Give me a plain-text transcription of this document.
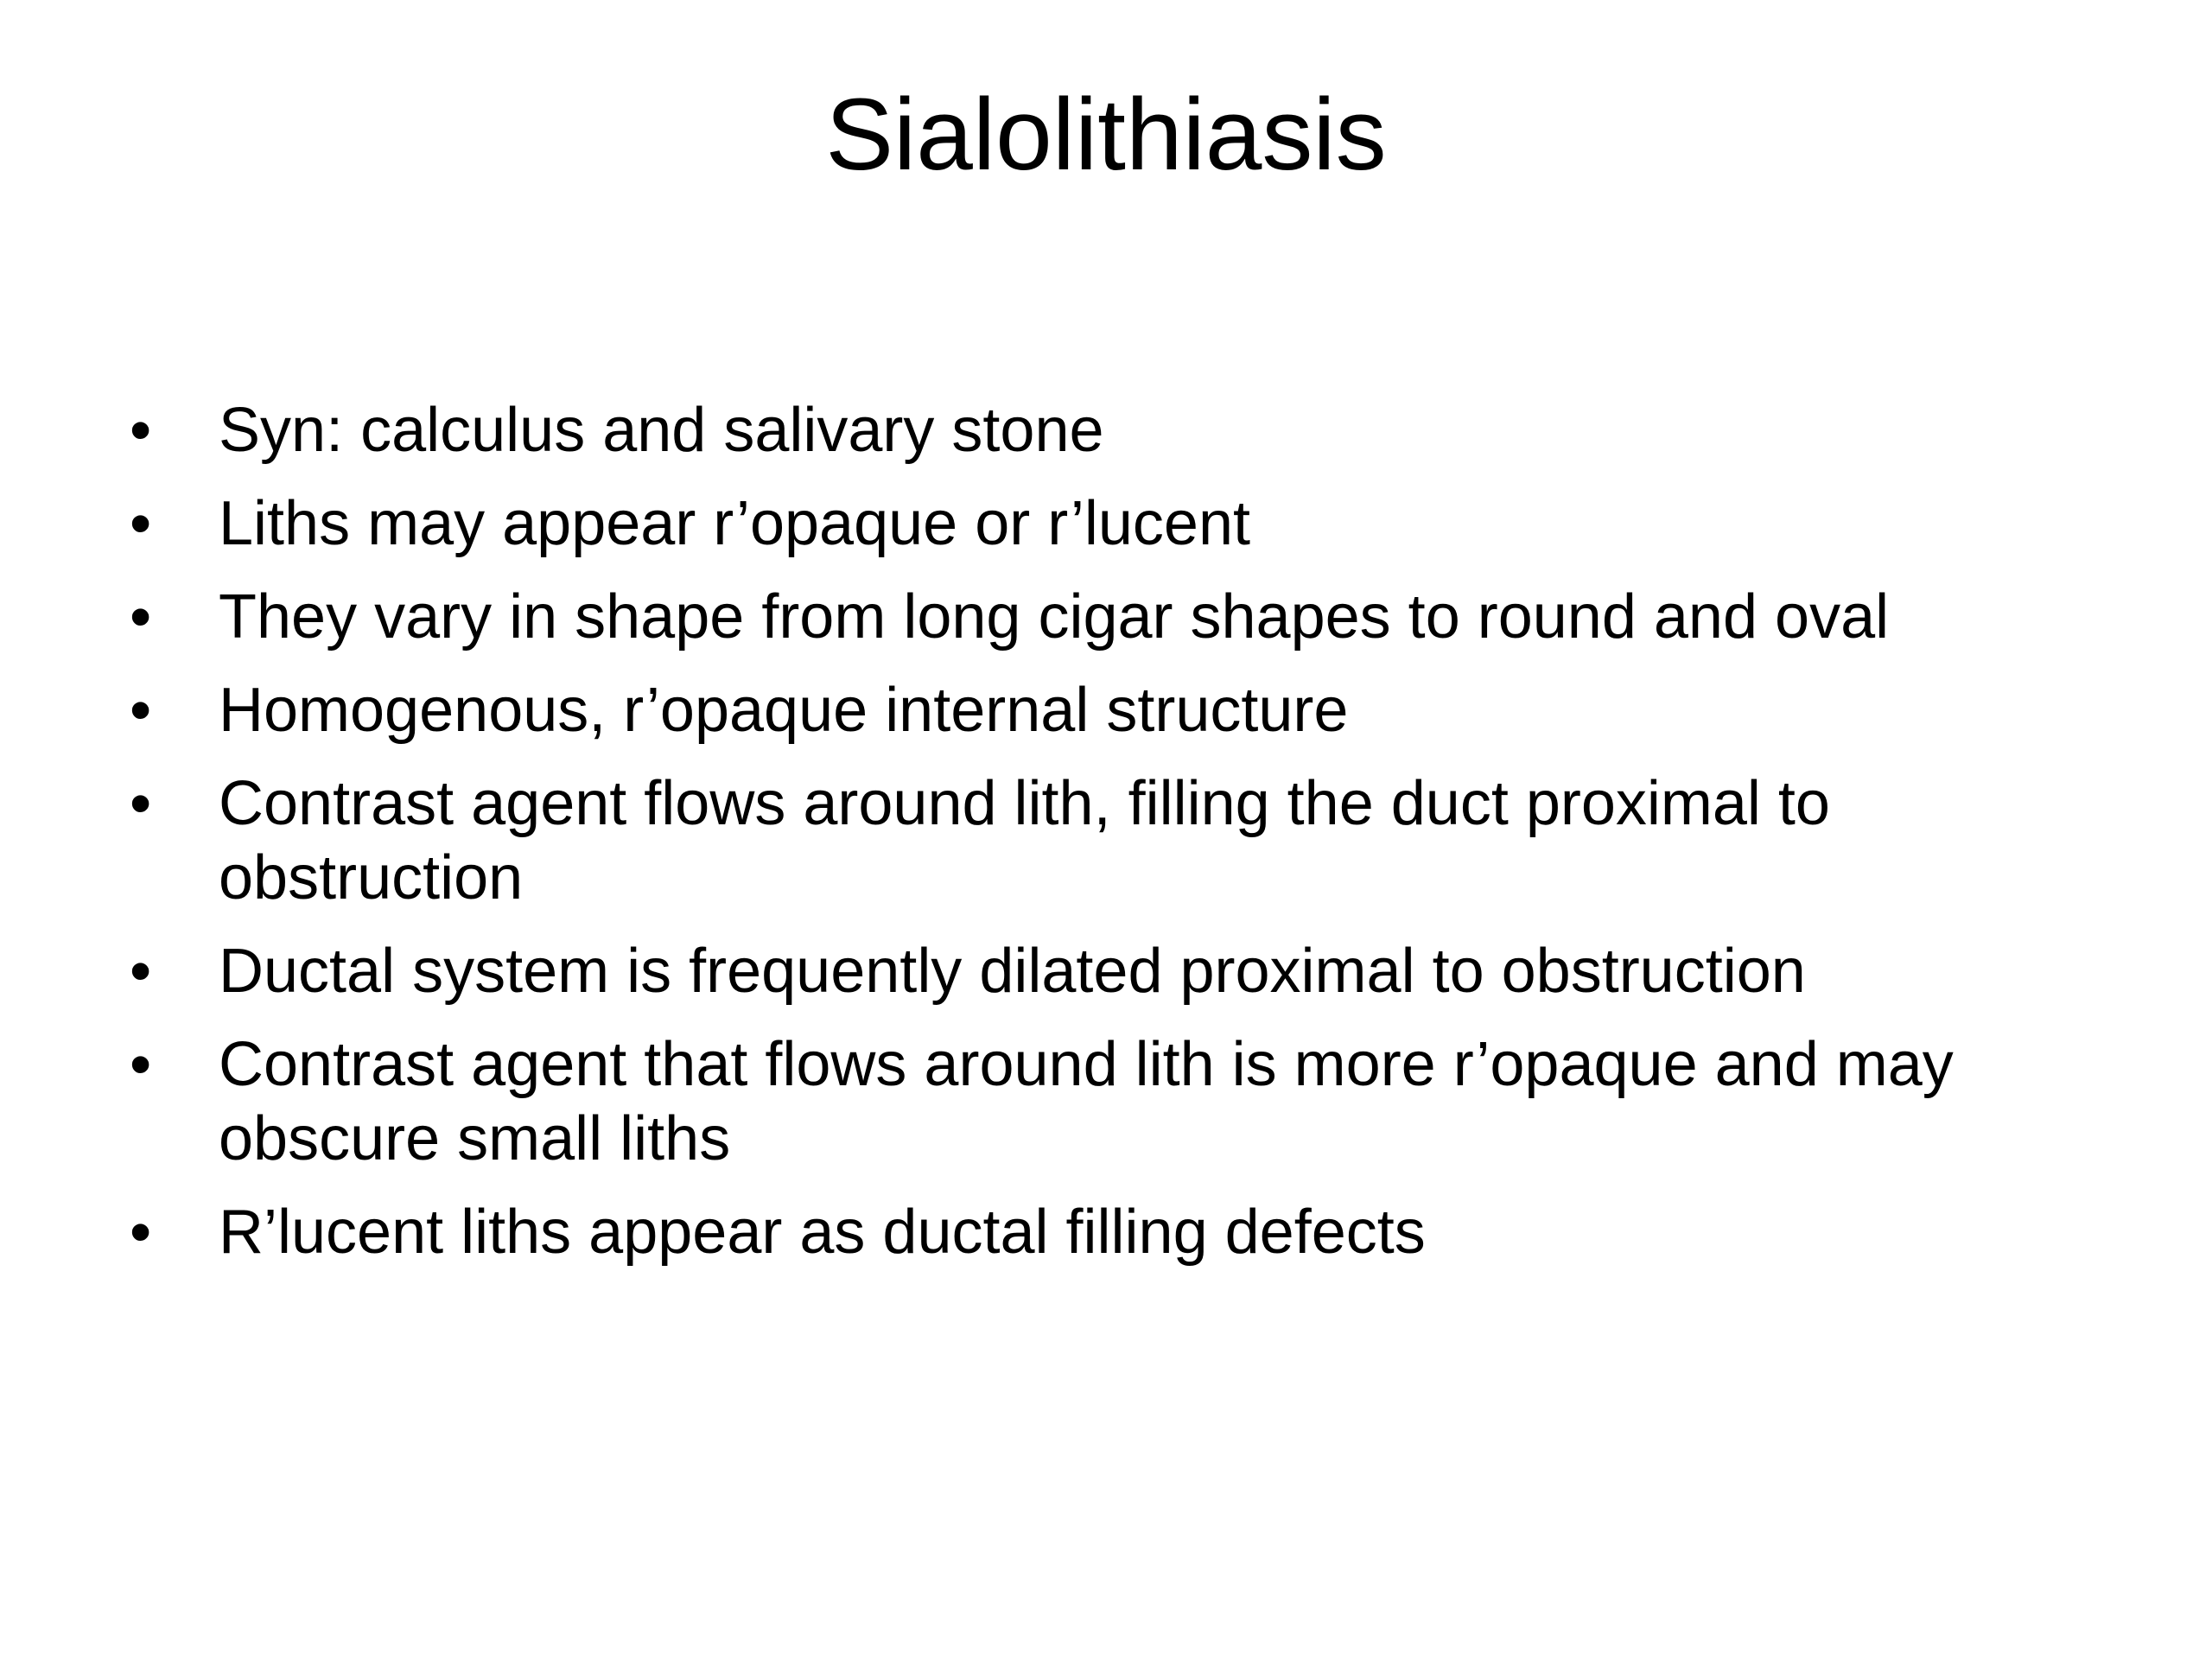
Sialolithiasis
• Syn: calculus and salivary stone
• Liths may appear r’opaque or r’lucent
• They vary in shape from long cigar shapes to round and oval
• Homogenous, r’opaque internal structure
• Contrast agent flows around lith, filling the duct proximal to obstruction
• Ductal system is frequently dilated proximal to obstruction
• Contrast agent that flows around lith is more r’opaque and may obscure small liths
• R’lucent liths appear as ductal filling defects
